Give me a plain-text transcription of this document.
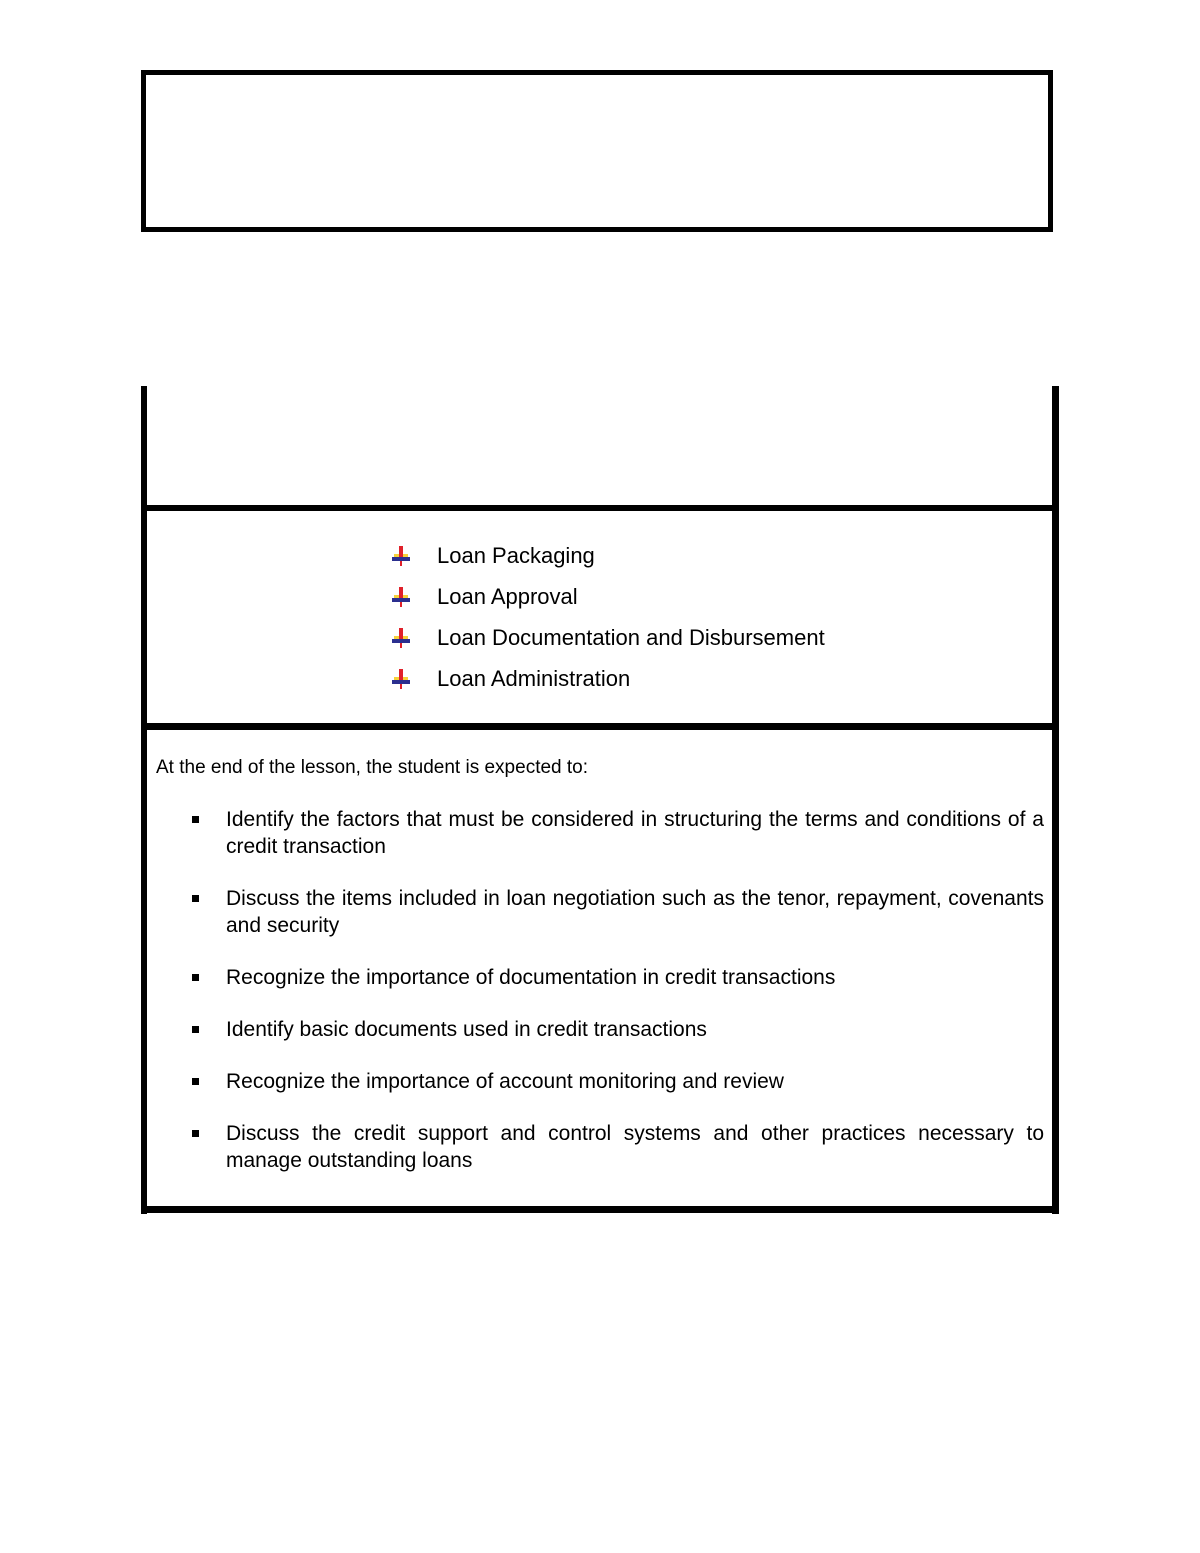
Loan Packaging
Loan Approval
Loan Documentation and Disbursement
Loan Administration

At the end of the lesson, the student is expected to:

Identify the factors that must be considered in structuring the terms and conditions of a credit transaction
Discuss the items included in loan negotiation such as the tenor, repayment, covenants and security
Recognize the importance of documentation in credit transactions
Identify basic documents used in credit transactions
Recognize the importance of account monitoring and review
Discuss the credit support and control systems and other practices necessary to manage outstanding loans
